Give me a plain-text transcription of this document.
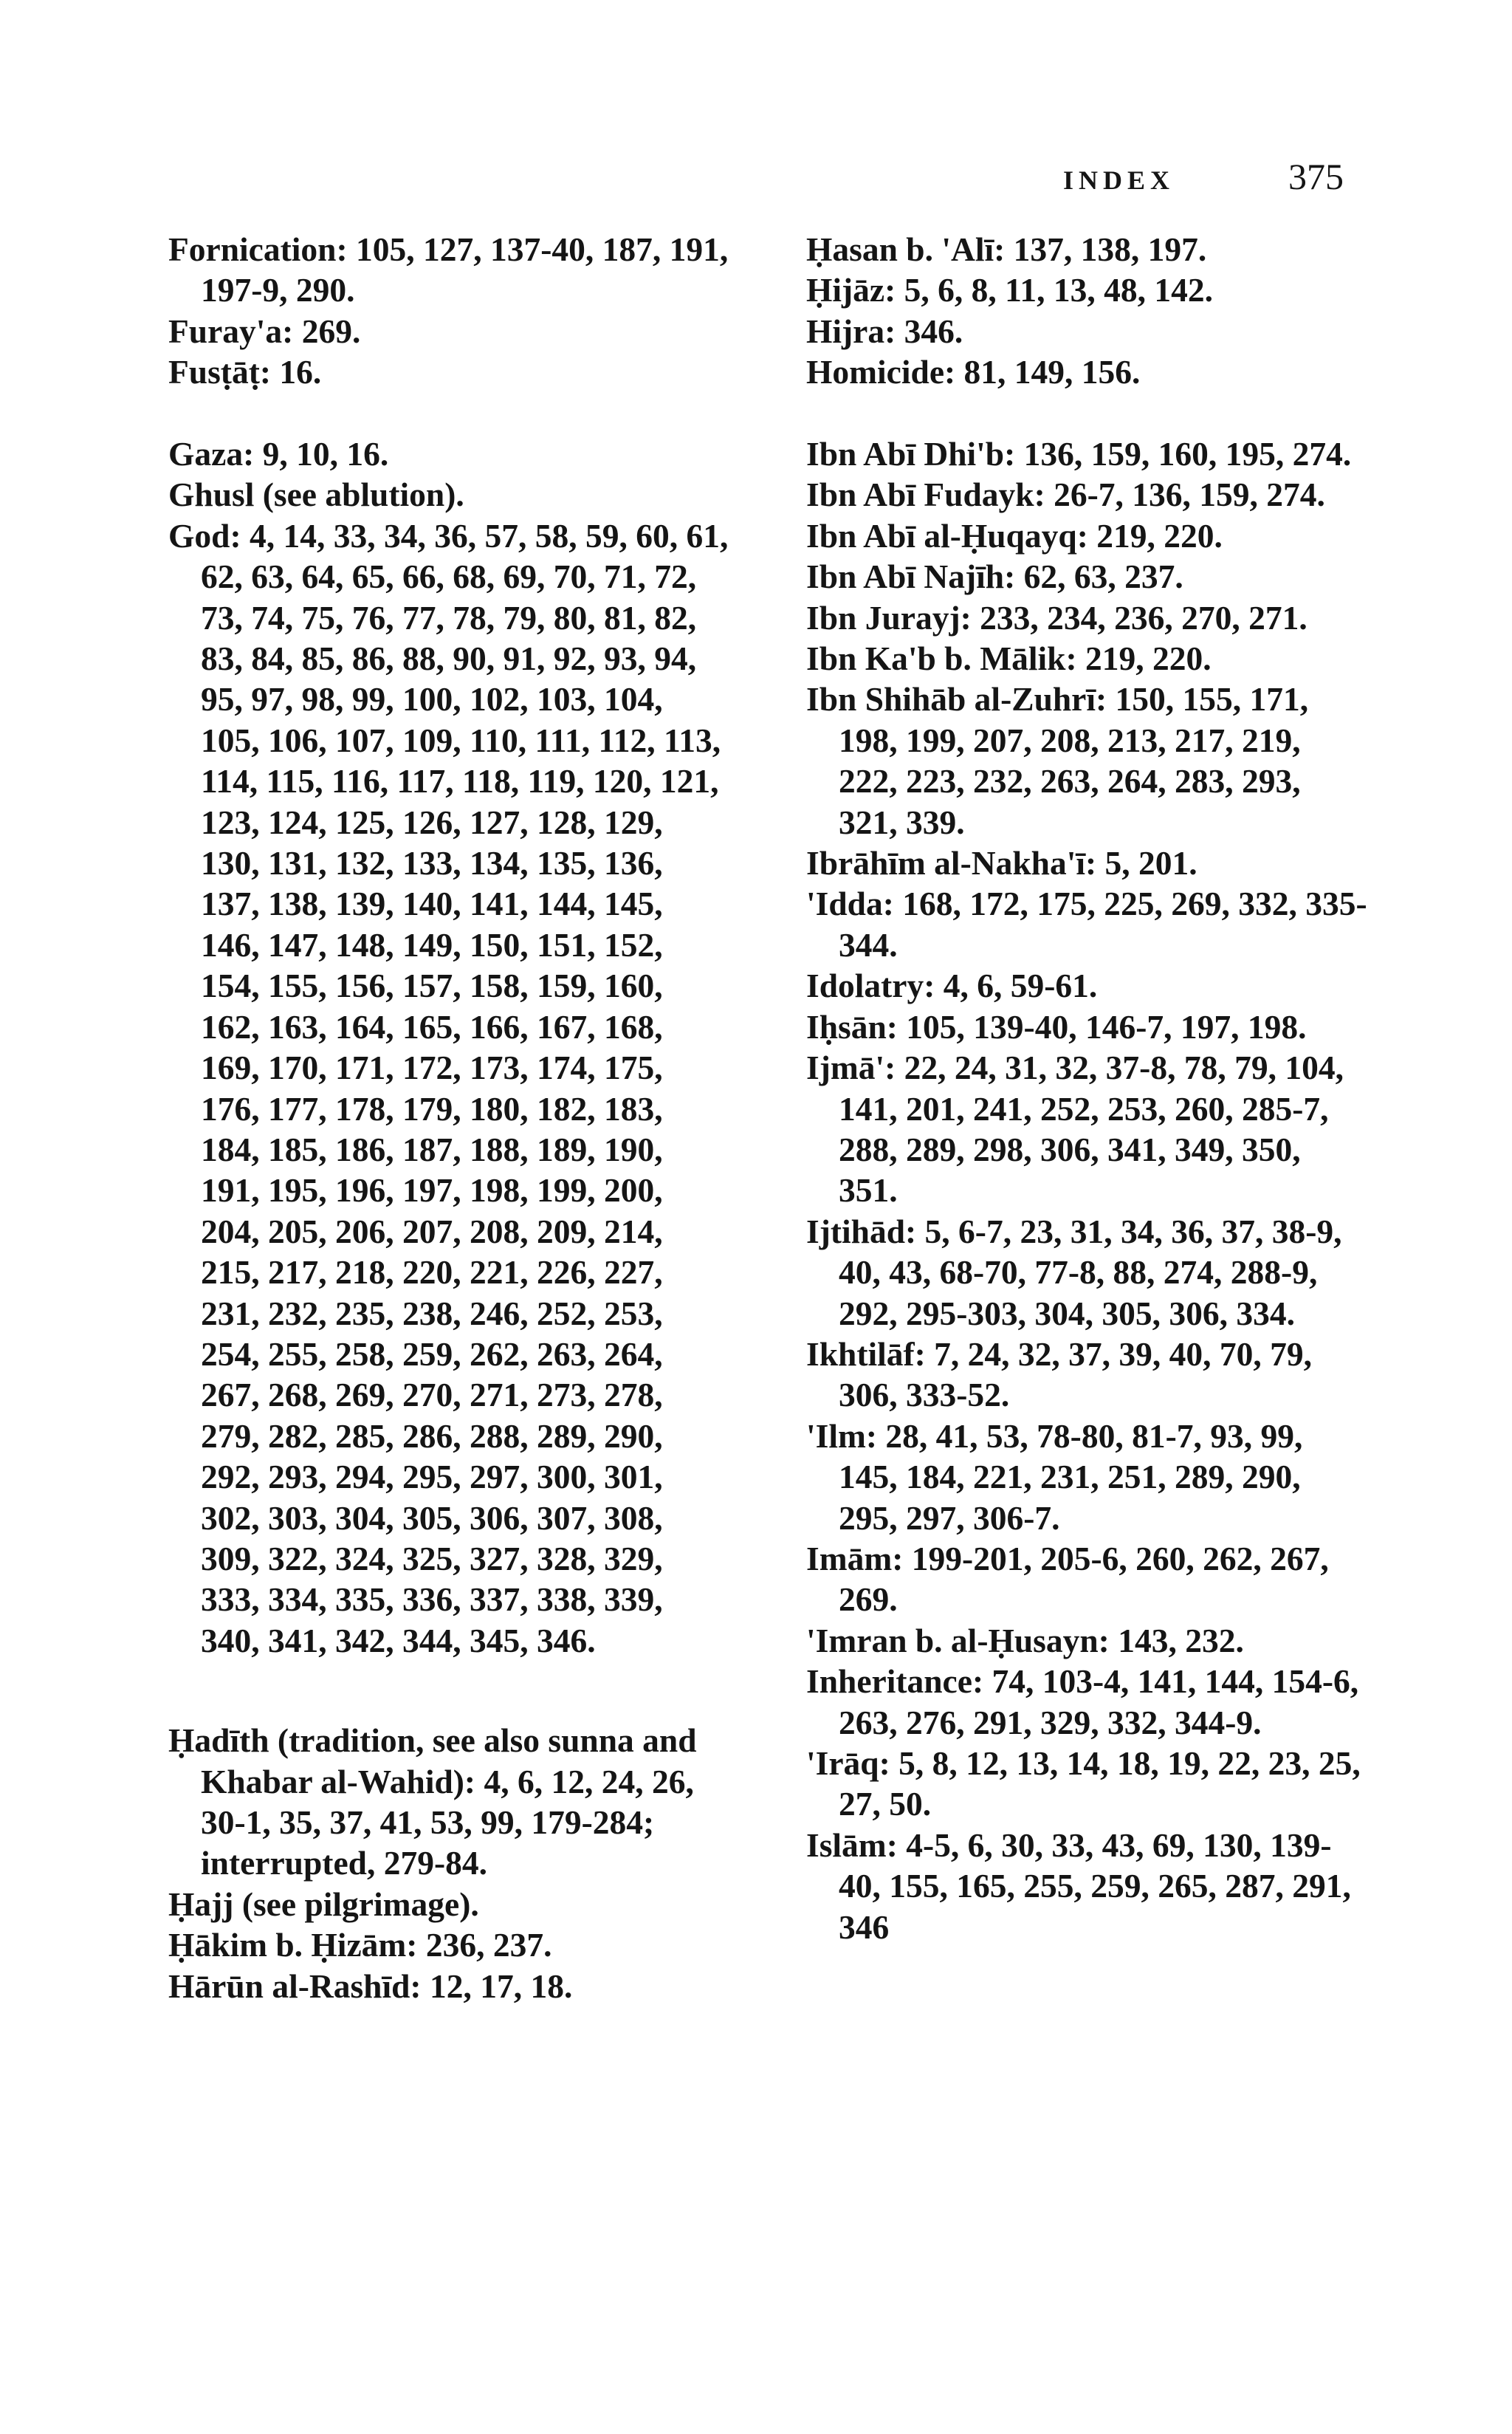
INDEX	375
Fornication: 105, 127, 137-40, 187, 191, 197-9, 290.
Furay'a: 269.
Fusṭāṭ: 16.
Gaza: 9, 10, 16.
Ghusl (see ablution).
God: 4, 14, 33, 34, 36, 57, 58, 59, 60, 61, 62, 63, 64, 65, 66, 68, 69, 70, 71, 72, 73, 74, 75, 76, 77, 78, 79, 80, 81, 82, 83, 84, 85, 86, 88, 90, 91, 92, 93, 94, 95, 97, 98, 99, 100, 102, 103, 104, 105, 106, 107, 109, 110, 111, 112, 113, 114, 115, 116, 117, 118, 119, 120, 121, 123, 124, 125, 126, 127, 128, 129, 130, 131, 132, 133, 134, 135, 136, 137, 138, 139, 140, 141, 144, 145, 146, 147, 148, 149, 150, 151, 152, 154, 155, 156, 157, 158, 159, 160, 162, 163, 164, 165, 166, 167, 168, 169, 170, 171, 172, 173, 174, 175, 176, 177, 178, 179, 180, 182, 183, 184, 185, 186, 187, 188, 189, 190, 191, 195, 196, 197, 198, 199, 200, 204, 205, 206, 207, 208, 209, 214, 215, 217, 218, 220, 221, 226, 227, 231, 232, 235, 238, 246, 252, 253, 254, 255, 258, 259, 262, 263, 264, 267, 268, 269, 270, 271, 273, 278, 279, 282, 285, 286, 288, 289, 290, 292, 293, 294, 295, 297, 300, 301, 302, 303, 304, 305, 306, 307, 308, 309, 322, 324, 325, 327, 328, 329, 333, 334, 335, 336, 337, 338, 339, 340, 341, 342, 344, 345, 346.
Ḥadīth (tradition, see also sunna and Khabar al-Wahid): 4, 6, 12, 24, 26, 30-1, 35, 37, 41, 53, 99, 179-284; interrupted, 279-84.
Ḥajj (see pilgrimage).
Ḥākim b. Ḥizām: 236, 237.
Hārūn al-Rashīd: 12, 17, 18.
Ḥasan b. 'Alī: 137, 138, 197.
Ḥijāz: 5, 6, 8, 11, 13, 48, 142.
Hijra: 346.
Homicide: 81, 149, 156.
Ibn Abī Dhi'b: 136, 159, 160, 195, 274.
Ibn Abī Fudayk: 26-7, 136, 159, 274.
Ibn Abī al-Ḥuqayq: 219, 220.
Ibn Abī Najīh: 62, 63, 237.
Ibn Jurayj: 233, 234, 236, 270, 271.
Ibn Ka'b b. Mālik: 219, 220.
Ibn Shihāb al-Zuhrī: 150, 155, 171, 198, 199, 207, 208, 213, 217, 219, 222, 223, 232, 263, 264, 283, 293, 321, 339.
Ibrāhīm al-Nakha'ī: 5, 201.
'Idda: 168, 172, 175, 225, 269, 332, 335-344.
Idolatry: 4, 6, 59-61.
Iḥsān: 105, 139-40, 146-7, 197, 198.
Ijmā': 22, 24, 31, 32, 37-8, 78, 79, 104, 141, 201, 241, 252, 253, 260, 285-7, 288, 289, 298, 306, 341, 349, 350, 351.
Ijtihād: 5, 6-7, 23, 31, 34, 36, 37, 38-9, 40, 43, 68-70, 77-8, 88, 274, 288-9, 292, 295-303, 304, 305, 306, 334.
Ikhtilāf: 7, 24, 32, 37, 39, 40, 70, 79, 306, 333-52.
'Ilm: 28, 41, 53, 78-80, 81-7, 93, 99, 145, 184, 221, 231, 251, 289, 290, 295, 297, 306-7.
Imām: 199-201, 205-6, 260, 262, 267, 269.
'Imran b. al-Ḥusayn: 143, 232.
Inheritance: 74, 103-4, 141, 144, 154-6, 263, 276, 291, 329, 332, 344-9.
'Irāq: 5, 8, 12, 13, 14, 18, 19, 22, 23, 25, 27, 50.
Islām: 4-5, 6, 30, 33, 43, 69, 130, 139-40, 155, 165, 255, 259, 265, 287, 291, 346
